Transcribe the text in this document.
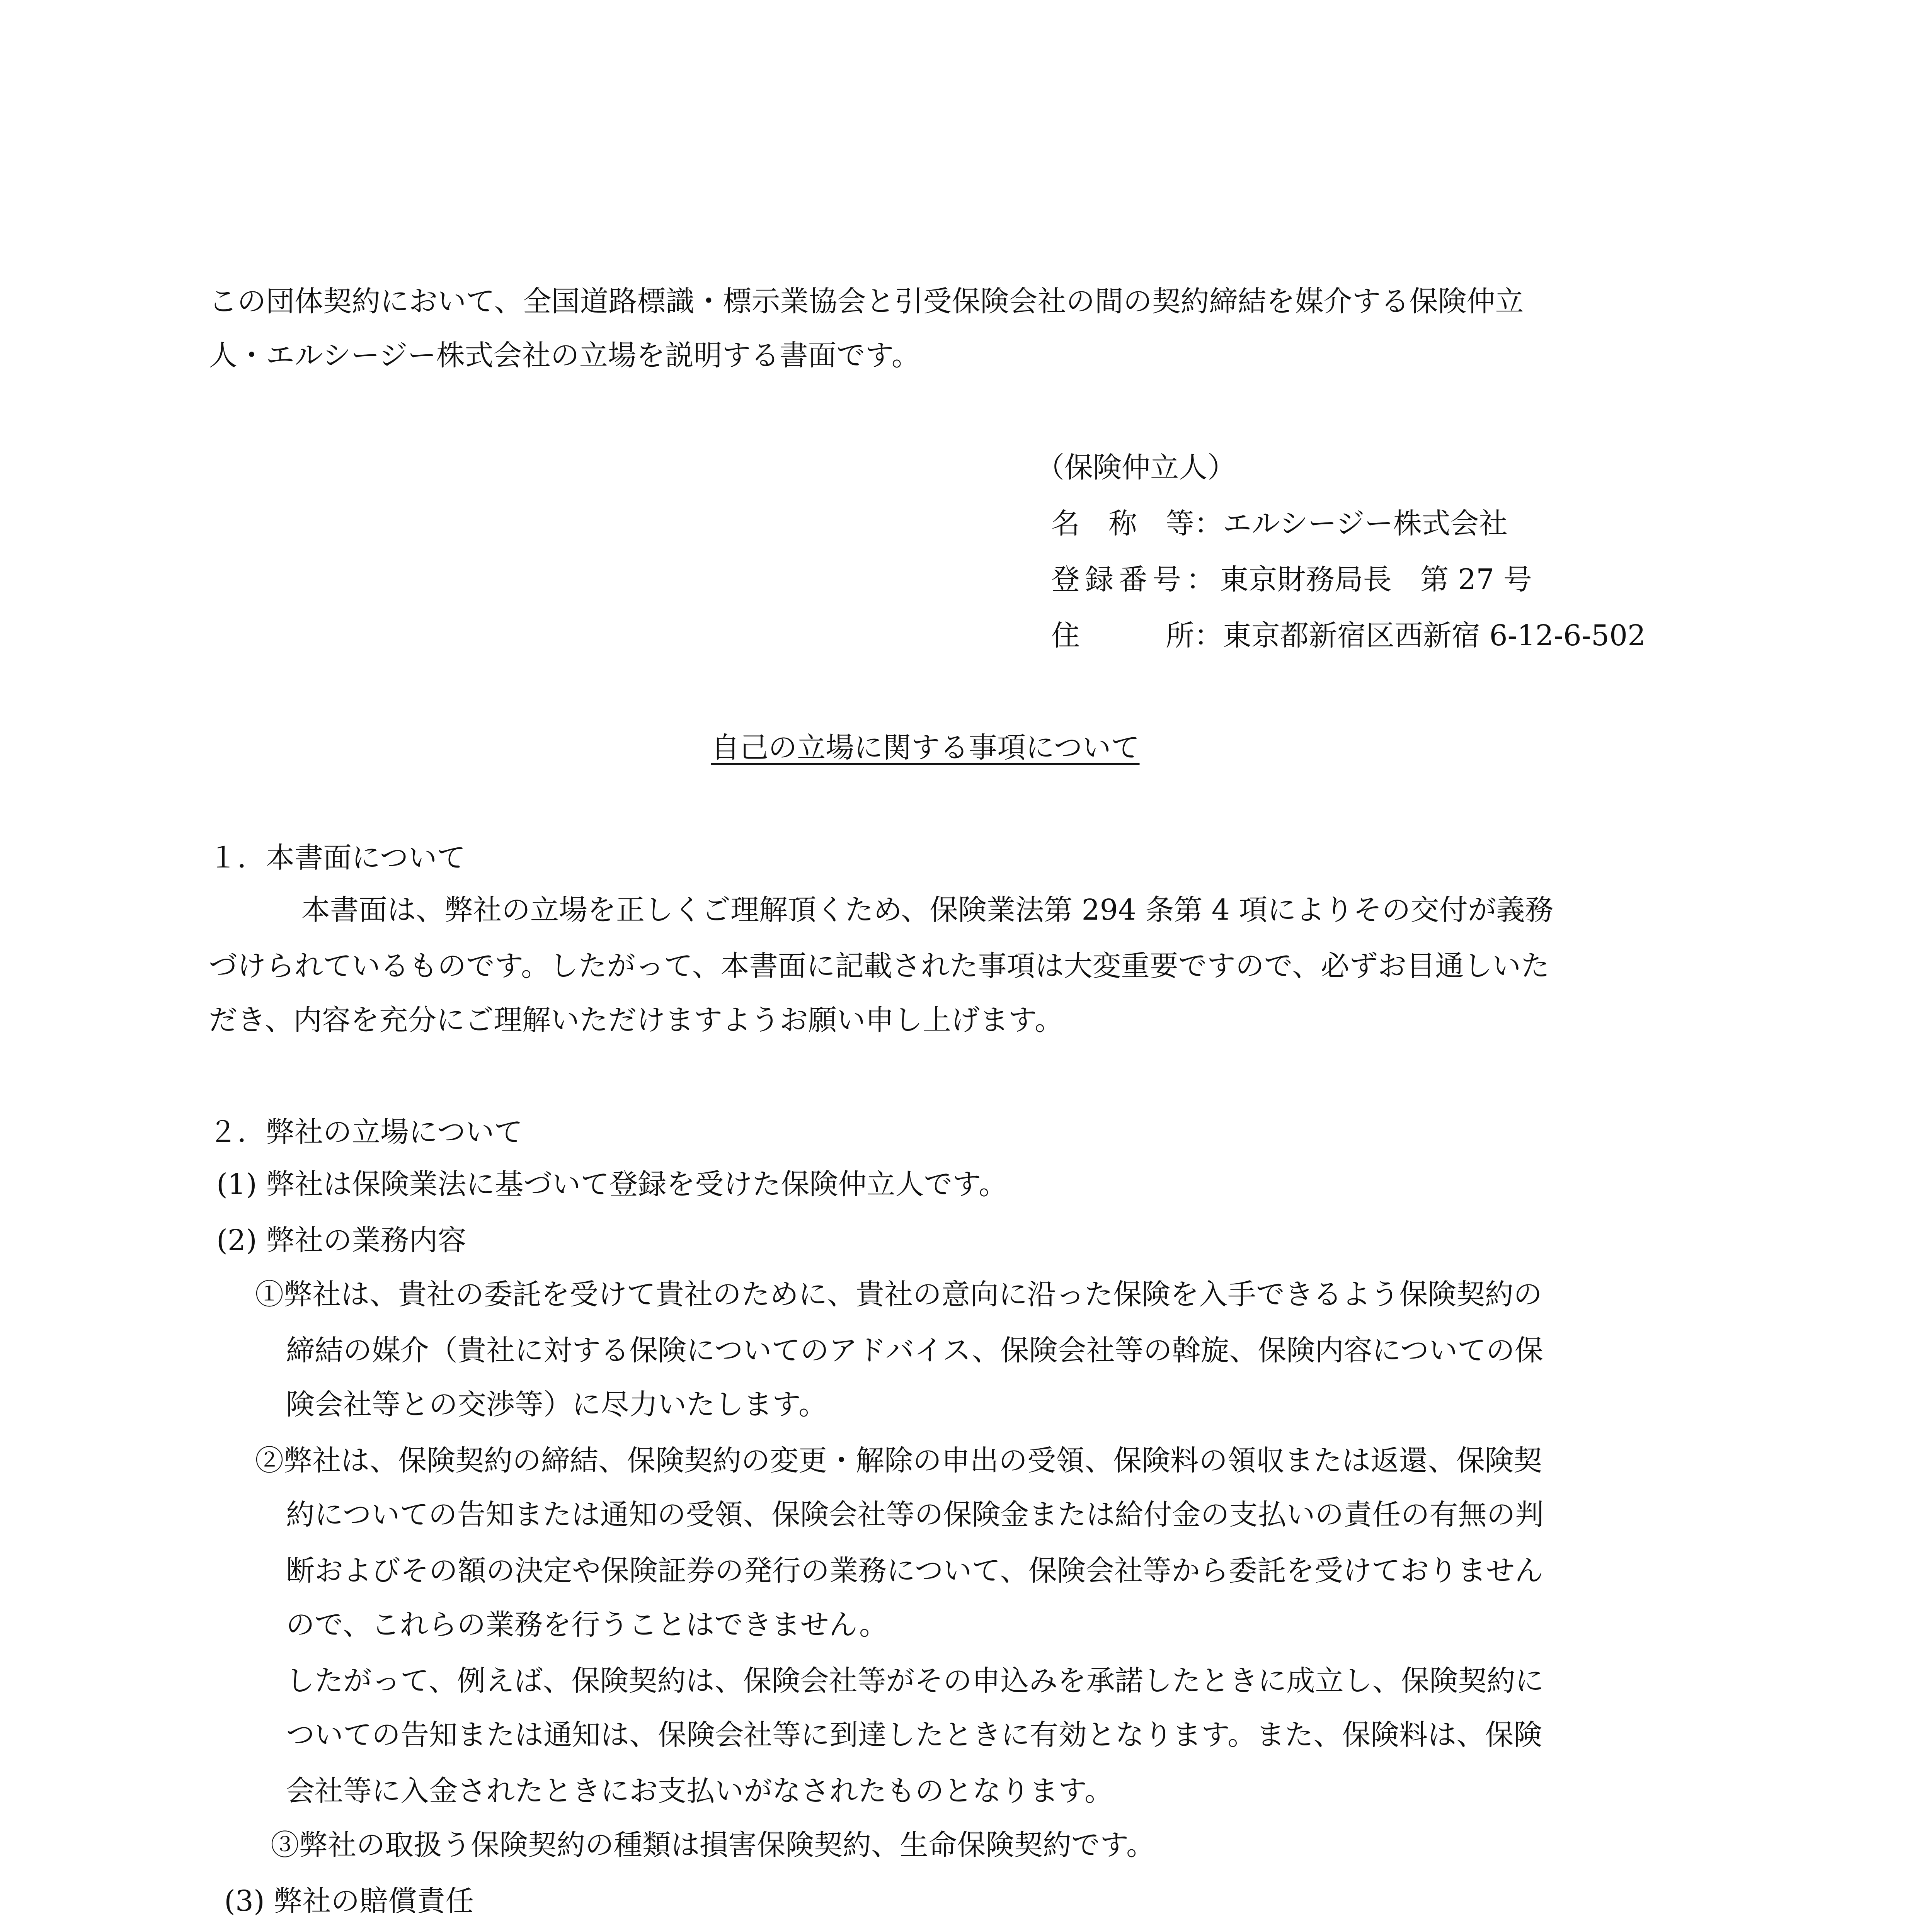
この団体契約において、全国道路標識・標示業協会と引受保険会社の間の契約締結を媒介する保険仲立

人・エルシージー株式会社の立場を説明する書面です。

（保険仲立人）

名　称　等：エルシージー株式会社

登録番号：東京財務局長　第 27 号

住　　　所：東京都新宿区西新宿 6-12-6-502

自己の立場に関する事項について

１．本書面について

本書面は、弊社の立場を正しくご理解頂くため、保険業法第 294 条第 4 項によりその交付が義務

づけられているものです。したがって、本書面に記載された事項は大変重要ですので、必ずお目通しいた

だき、内容を充分にご理解いただけますようお願い申し上げます。

２．弊社の立場について

(1) 弊社は保険業法に基づいて登録を受けた保険仲立人です。

(2) 弊社の業務内容

①弊社は、貴社の委託を受けて貴社のために、貴社の意向に沿った保険を入手できるよう保険契約の

締結の媒介（貴社に対する保険についてのアドバイス、保険会社等の斡旋、保険内容についての保

険会社等との交渉等）に尽力いたします。

②弊社は、保険契約の締結、保険契約の変更・解除の申出の受領、保険料の領収または返還、保険契

約についての告知または通知の受領、保険会社等の保険金または給付金の支払いの責任の有無の判

断およびその額の決定や保険証券の発行の業務について、保険会社等から委託を受けておりません

ので、これらの業務を行うことはできません。

したがって、例えば、保険契約は、保険会社等がその申込みを承諾したときに成立し、保険契約に

ついての告知または通知は、保険会社等に到達したときに有効となります。また、保険料は、保険

会社等に入金されたときにお支払いがなされたものとなります。

③弊社の取扱う保険契約の種類は損害保険契約、生命保険契約です。

(3) 弊社の賠償責任
